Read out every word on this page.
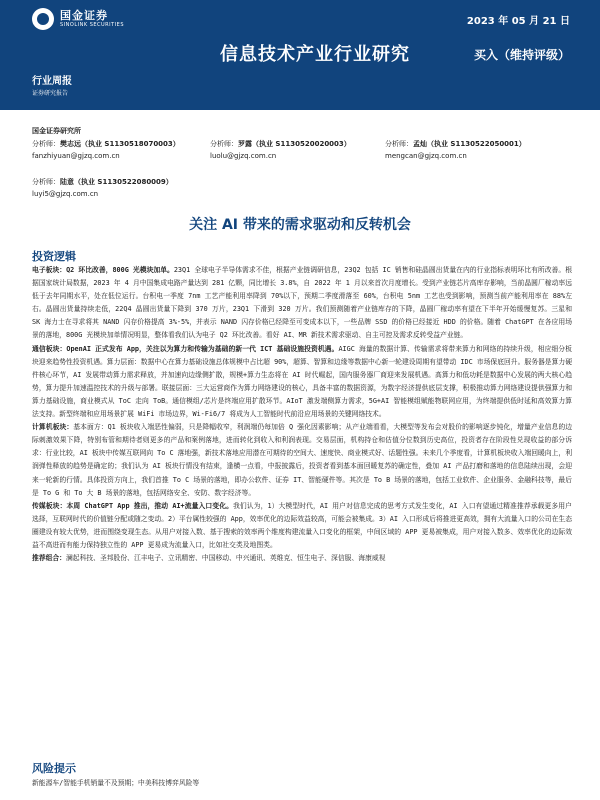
国金证券
SINOLINK SECURITIES	2023 年 05 月 21 日
信息技术产业行业研究	买入（维持评级）
行业周报
证券研究报告
国金证券研究所
分析师：樊志远（执业 S1130518070003）
fanzhiyuan@gjzq.com.cn
分析师：罗露（执业 S1130520020003）
luolu@gjzq.com.cn
分析师：孟灿（执业 S1130522050001）
mengcan@gjzq.com.cn
分析师：陆意（执业 S1130522080009）
luyi5@gjzq.com.cn
关注 AI 带来的需求驱动和反转机会
投资逻辑

电子板块：Q2 环比改善，800G 光模块加单。23Q1 全球电子半导体需求不佳，根据产业链调研信息，23Q2 包括 IC 销售和硅晶圆出货量在内的行业指标表明环比有所改善。根据国家统计局数据，2023 年 4 月中国集成电路产量达到 281 亿颗，同比增长 3.8%，自 2022 年 1 月以来首次月度增长。受到产业链芯片高库存影响，当前晶圆厂稼动率远低于去年同期水平，处在低位运行。台积电一季度 7nm 工艺产能利用率降到 70%以下，预期二季度滑落至 60%，台积电 5nm 工艺也受到影响，预测当前产能利用率在 88%左右。晶圆出货量持续走低，22Q4 晶圆出货量下降到 370 万片，23Q1 下滑到 320 万片。我们预测随着产业链库存的下降，晶圆厂稼动率有望在下半年开始缓慢复苏。三星和 SK 海力士在寻求将其 NAND 闪存价格提高 3%-5%，并表示 NAND 闪存价格已经降至可变成本以下，一些品牌 SSD 的价格已经接近 HDD 的价格。随着 ChatGPT 在各应用场景的落地，800G 光模块加单情况明显，整体看我们认为电子 Q2 环比改善。看好 AI、MR 新技术需求驱动、自主可控及需求反转受益产业链。

通信板块：OpenAI 正式发布 App，关注以为算力和传输为基础的新一代 ICT 基础设施投资机遇。AIGC 海量的数据计算、传输需求将带来算力和网络的持续升级，相应细分板块迎来趋势性投资机遇。算力层面：数据中心在算力基础设施总体规模中占比超 90%，超算、智算和边缘等数据中心新一轮建设周期有望带动 IDC 市场保底回升。服务器是算力硬件核心环节，AI 发展带动算力需求释放，并加速向边缘侧扩散，规模+算力生态将在 AI 时代崛起，国内服务器厂商迎来发展机遇。高算力和低功耗是数据中心发展的两大核心趋势，算力提升加速温控技术的升级与部署。联接层面：三大运营商作为算力网络建设的核心，具备丰富的数据资源，为数字经济提供底层支撑，积极推动算力网络建设提供强算力和算力基础设施，商业模式从 ToC 走向 ToB。通信模组/芯片是终端应用扩散环节。AIoT 激发端侧算力需求，5G+AI 智能模组赋能物联网应用，为终端提供低时延和高效算力算法支持。新型终端和应用场景扩展 WiFi 市场边界，Wi-Fi6/7 将成为人工智能时代前沿应用场景的关键网络技术。

计算机板块：基本面方：Q1 板块收入端恶性偏弱，只是降幅收窄，利润端仍每加倍 Q 强化因素影响；从产业端看看，大模型等发布会对股价的影响逐步钝化，增量产业信息的边际刺激效果下降，特别布管和期待者则更多的产品和案例落地，进而转化到收入和利润表现。交易层面，机构持仓和估值分位数到历史高位，投资者存在阶段性兑现收益的部分诉求：行业比较，AI 板块中传媒互联网向 To C 落地强，新技术落地应用潜在可期待的空间大、速度快、商业模式好、话题性强。未来几个季度看，计算机板块收入端回暖向上，利润弹性释放的趋势是确定的；我们认为 AI 板块行情没有结束，逢横一点看，中报披露后，投资者看到基本面回暖复苏的确定性，叠加 AI 产品打磨和落地的信息陆续出现，会迎来一轮新的行情。具体投资方向上，我们首推 To C 场景的落地，即办公软件、证券 IT、智能硬件等。其次是 To B 场景的落地，包括工业软件、企业服务、金融科技等，最后是 To G 和 To 大 B 场景的落地，包括网络安全、安防、数字经济等。

传媒板块：本周 ChatGPT App 推出，推动 AI+流量入口变化。我们认为，1）大模型时代，AI 用户对信息完成的思考方式发生变化，AI 入口有望通过精准推荐承载更多用户选择，互联网时代的价值链分配或随之变动。2）平台属性较强的 App，效率优化的边际效益较高，可能会被集成。3）AI 入口形成后将推进更高效，拥有大流量入口的公司在生态圈建设有较大优势，进而围绕变现生态。从用户对接入数、基于搜索的效率两个维度构建流量入口变化的框架，中间区域的 APP 更易被集成，用户对接入数多、效率优化的边际效益不高进而有能力保持独立性的 APP 更易成为流量入口，比如社交类及地图类。

推荐组合：澜起科技、圣邦股份、江丰电子、立讯精密、中国移动、中兴通讯、英维克、恒生电子、深信服、海康威视

风险提示
新能源车/智能手机销量不及预期；中美科技博弈风险等
